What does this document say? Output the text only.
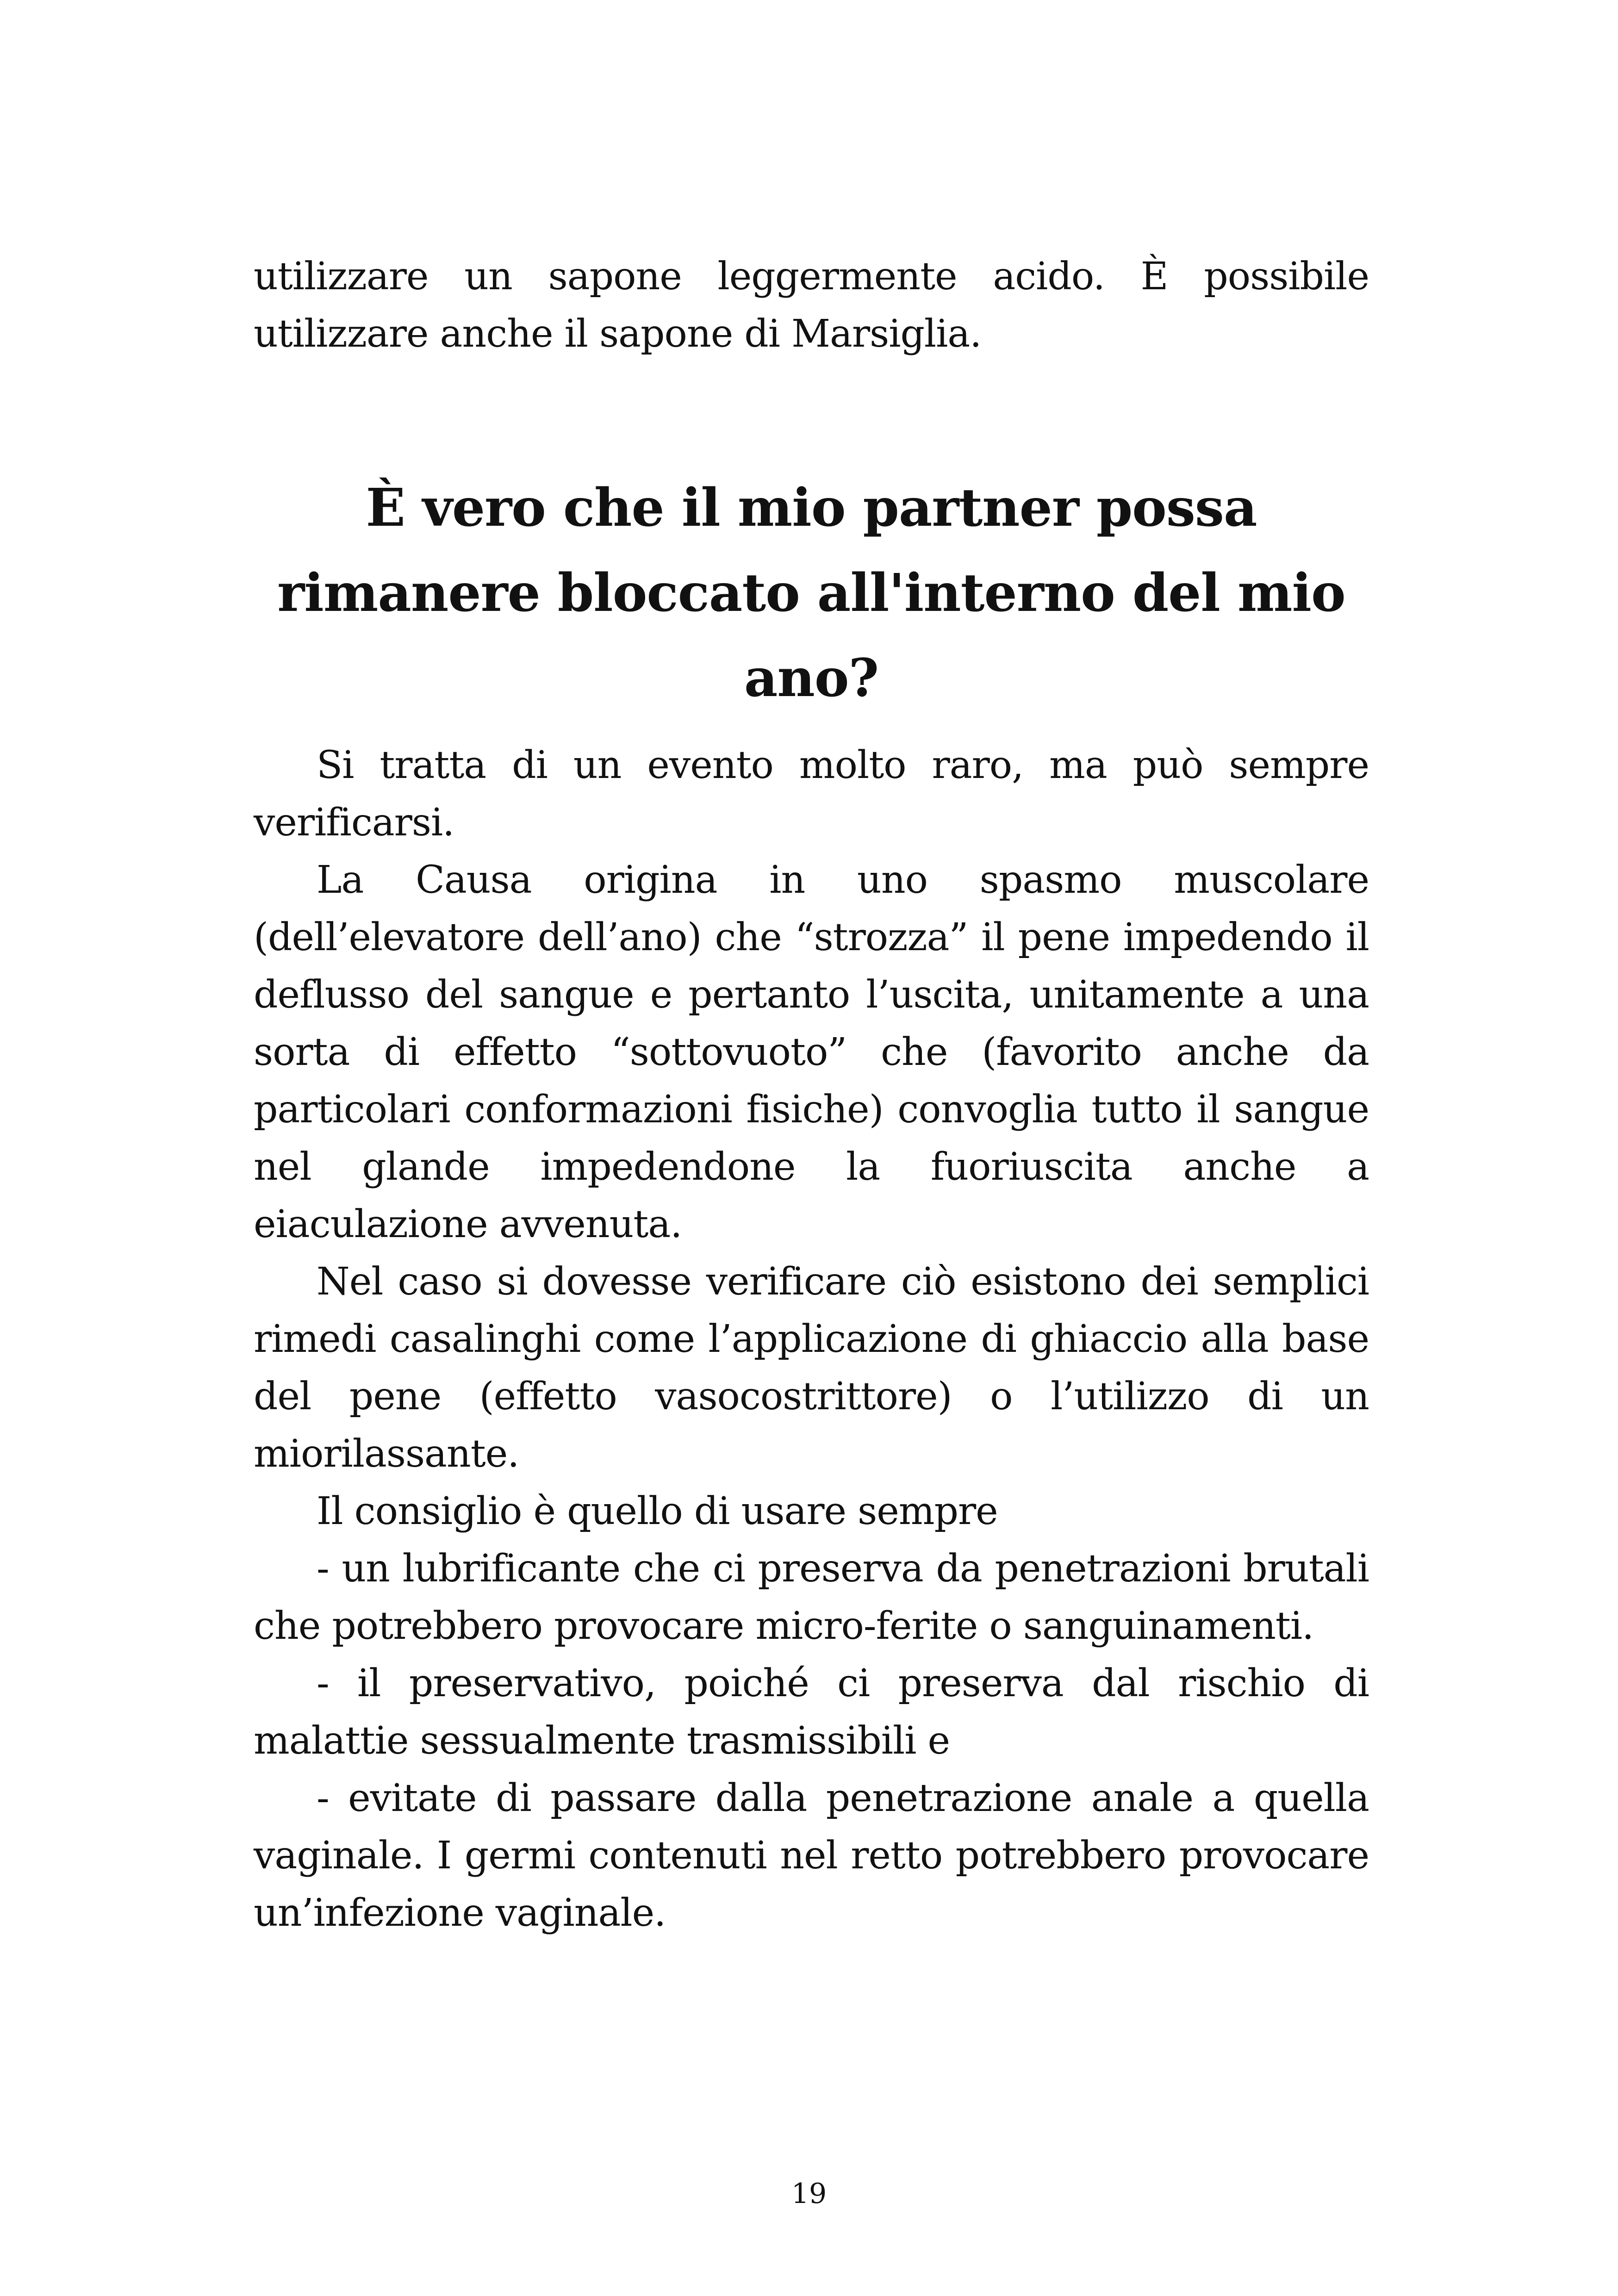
utilizzare un sapone leggermente acido. È possibile utilizzare anche il sapone di Marsiglia.

È vero che il mio partner possa rimanere bloccato all'interno del mio ano?

Si tratta di un evento molto raro, ma può sempre verificarsi.

La Causa origina in uno spasmo muscolare (dell’elevatore dell’ano) che “strozza” il pene impedendo il deflusso del sangue e pertanto l’uscita, unitamente a una sorta di effetto “sottovuoto” che (favorito anche da particolari conformazioni fisiche) convoglia tutto il sangue nel glande impedendone la fuoriuscita anche a eiaculazione avvenuta.

Nel caso si dovesse verificare ciò esistono dei semplici rimedi casalinghi come l’applicazione di ghiaccio alla base del pene (effetto vasocostrittore) o l’utilizzo di un miorilassante.

Il consiglio è quello di usare sempre

- un lubrificante che ci preserva da penetrazioni brutali che potrebbero provocare micro-ferite o sanguinamenti.

- il preservativo, poiché ci preserva dal rischio di malattie sessualmente trasmissibili e

- evitate di passare dalla penetrazione anale a quella vaginale. I germi contenuti nel retto potrebbero provocare un’infezione vaginale.

19
